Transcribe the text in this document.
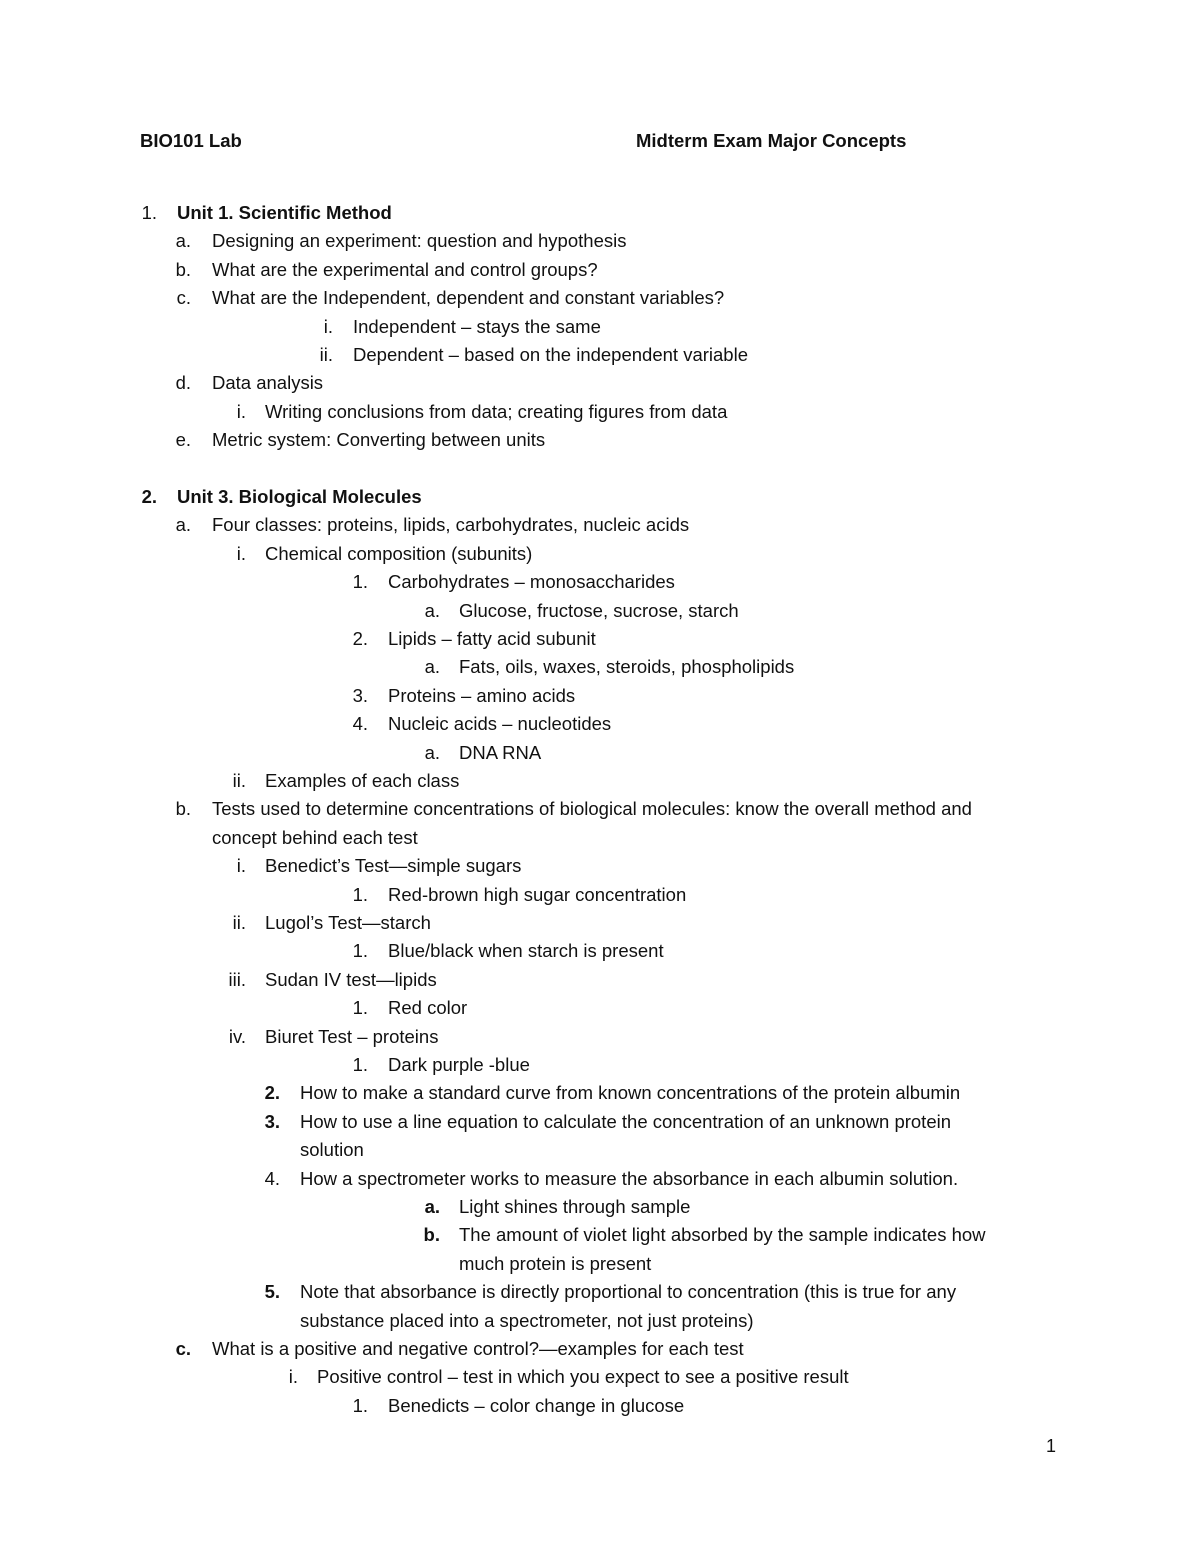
BIO101 Lab	Midterm Exam Major Concepts
1. Unit 1. Scientific Method
a. Designing an experiment: question and hypothesis
b. What are the experimental and control groups?
c. What are the Independent, dependent and constant variables?
i. Independent – stays the same
ii. Dependent – based on the independent variable
d. Data analysis
i. Writing conclusions from data; creating figures from data
e. Metric system: Converting between units
2. Unit 3. Biological Molecules
a. Four classes: proteins, lipids, carbohydrates, nucleic acids
i. Chemical composition (subunits)
1. Carbohydrates – monosaccharides
a. Glucose, fructose, sucrose, starch
2. Lipids – fatty acid subunit
a. Fats, oils, waxes, steroids, phospholipids
3. Proteins – amino acids
4. Nucleic acids – nucleotides
a. DNA RNA
ii. Examples of each class
b. Tests used to determine concentrations of biological molecules: know the overall method and
concept behind each test
i. Benedict’s Test—simple sugars
1. Red-brown high sugar concentration
ii. Lugol’s Test—starch
1. Blue/black when starch is present
iii. Sudan IV test—lipids
1. Red color
iv. Biuret Test – proteins
1. Dark purple -blue
2. How to make a standard curve from known concentrations of the protein albumin
3. How to use a line equation to calculate the concentration of an unknown protein
solution
4. How a spectrometer works to measure the absorbance in each albumin solution.
a. Light shines through sample
b. The amount of violet light absorbed by the sample indicates how
much protein is present
5. Note that absorbance is directly proportional to concentration (this is true for any
substance placed into a spectrometer, not just proteins)
c. What is a positive and negative control?—examples for each test
i. Positive control – test in which you expect to see a positive result
1. Benedicts – color change in glucose
1
